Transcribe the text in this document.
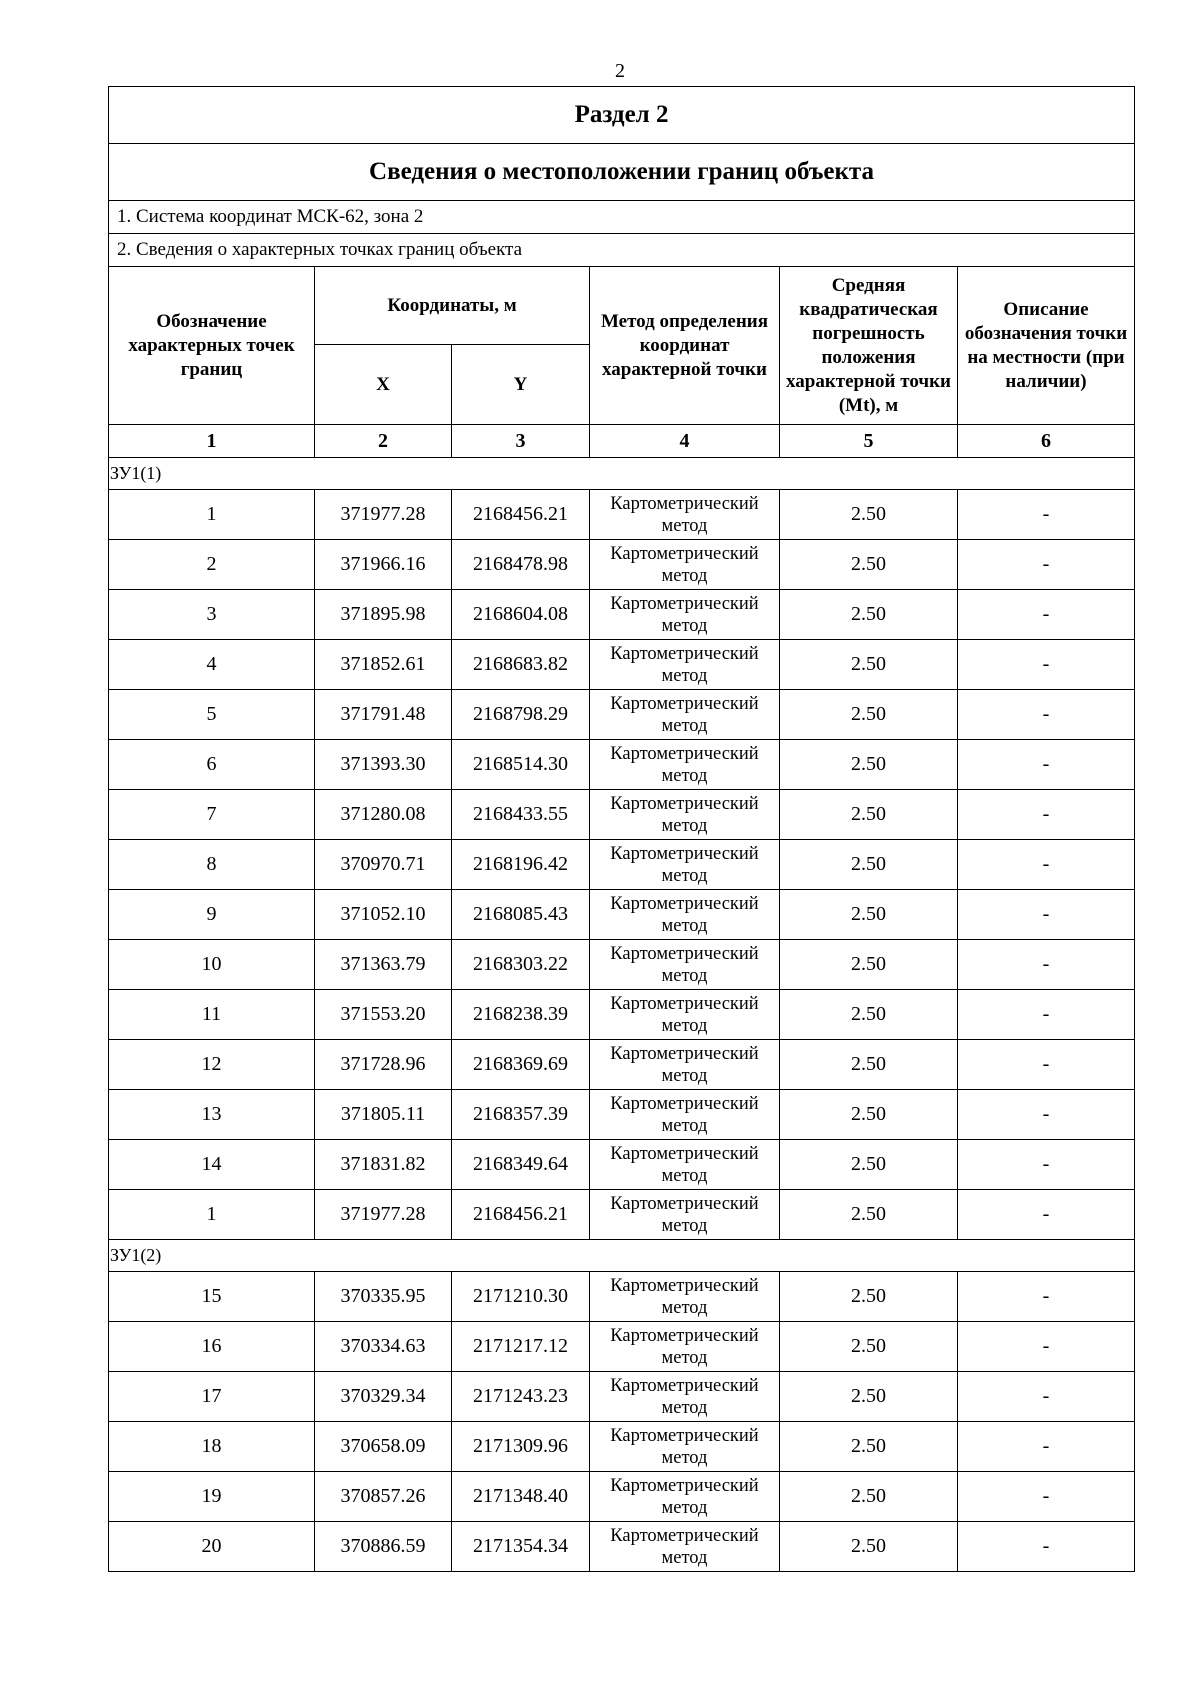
2
Раздел 2					
Сведения о местоположении границ объекта					
1. Система координат МСК-62, зона 2					
2. Сведения о характерных точках границ объекта					
Обозначение характерных точек границ	Координаты, м		Метод определения координат характерной точки	Средняя квадратическая погрешность положения характерной точки (Mt), м	Описание обозначения точки на местности (при наличии)
	X	Y			
1	2	3	4	5	6
ЗУ1(1)					
1	371977.28	2168456.21	Картометрический метод	2.50	-
2	371966.16	2168478.98	Картометрический метод	2.50	-
3	371895.98	2168604.08	Картометрический метод	2.50	-
4	371852.61	2168683.82	Картометрический метод	2.50	-
5	371791.48	2168798.29	Картометрический метод	2.50	-
6	371393.30	2168514.30	Картометрический метод	2.50	-
7	371280.08	2168433.55	Картометрический метод	2.50	-
8	370970.71	2168196.42	Картометрический метод	2.50	-
9	371052.10	2168085.43	Картометрический метод	2.50	-
10	371363.79	2168303.22	Картометрический метод	2.50	-
11	371553.20	2168238.39	Картометрический метод	2.50	-
12	371728.96	2168369.69	Картометрический метод	2.50	-
13	371805.11	2168357.39	Картометрический метод	2.50	-
14	371831.82	2168349.64	Картометрический метод	2.50	-
1	371977.28	2168456.21	Картометрический метод	2.50	-
ЗУ1(2)					
15	370335.95	2171210.30	Картометрический метод	2.50	-
16	370334.63	2171217.12	Картометрический метод	2.50	-
17	370329.34	2171243.23	Картометрический метод	2.50	-
18	370658.09	2171309.96	Картометрический метод	2.50	-
19	370857.26	2171348.40	Картометрический метод	2.50	-
20	370886.59	2171354.34	Картометрический метод	2.50	-
